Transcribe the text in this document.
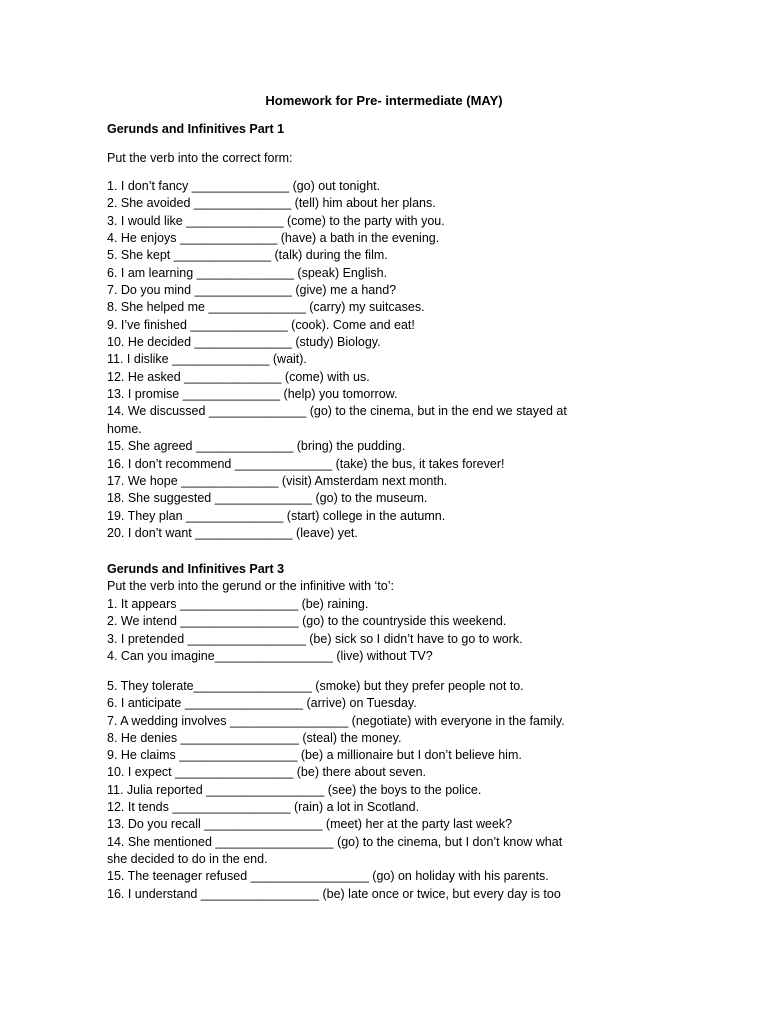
Homework for Pre- intermediate (MAY)
Gerunds and Infinitives Part 1
Put the verb into the correct form:
1. I don’t fancy ______________ (go) out tonight.
2. She avoided ______________ (tell) him about her plans.
3. I would like ______________ (come) to the party with you.
4. He enjoys ______________ (have) a bath in the evening.
5. She kept ______________ (talk) during the film.
6. I am learning ______________ (speak) English.
7. Do you mind ______________ (give) me a hand?
8. She helped me ______________ (carry) my suitcases.
9. I’ve finished ______________ (cook). Come and eat!
10. He decided ______________ (study) Biology.
11. I dislike ______________ (wait).
12. He asked ______________ (come) with us.
13. I promise ______________ (help) you tomorrow.
14. We discussed ______________ (go) to the cinema, but in the end we stayed at home.
15. She agreed ______________ (bring) the pudding.
16. I don’t recommend ______________ (take) the bus, it takes forever!
17. We hope ______________ (visit) Amsterdam next month.
18. She suggested ______________ (go) to the museum.
19. They plan ______________ (start) college in the autumn.
20. I don’t want ______________ (leave) yet.
Gerunds and Infinitives Part 3
Put the verb into the gerund or the infinitive with ‘to’:
1. It appears _________________ (be) raining.
2. We intend _________________ (go) to the countryside this weekend.
3. I pretended _________________ (be) sick so I didn’t have to go to work.
4. Can you imagine_________________ (live) without TV?
5. They tolerate_________________ (smoke) but they prefer people not to.
6. I anticipate _________________ (arrive) on Tuesday.
7. A wedding involves _________________ (negotiate) with everyone in the family.
8. He denies _________________ (steal) the money.
9. He claims _________________ (be) a millionaire but I don’t believe him.
10. I expect _________________ (be) there about seven.
11. Julia reported _________________ (see) the boys to the police.
12. It tends _________________ (rain) a lot in Scotland.
13. Do you recall _________________ (meet) her at the party last week?
14. She mentioned _________________ (go) to the cinema, but I don’t know what she decided to do in the end.
15. The teenager refused _________________ (go) on holiday with his parents.
16. I understand _________________ (be) late once or twice, but every day is too
